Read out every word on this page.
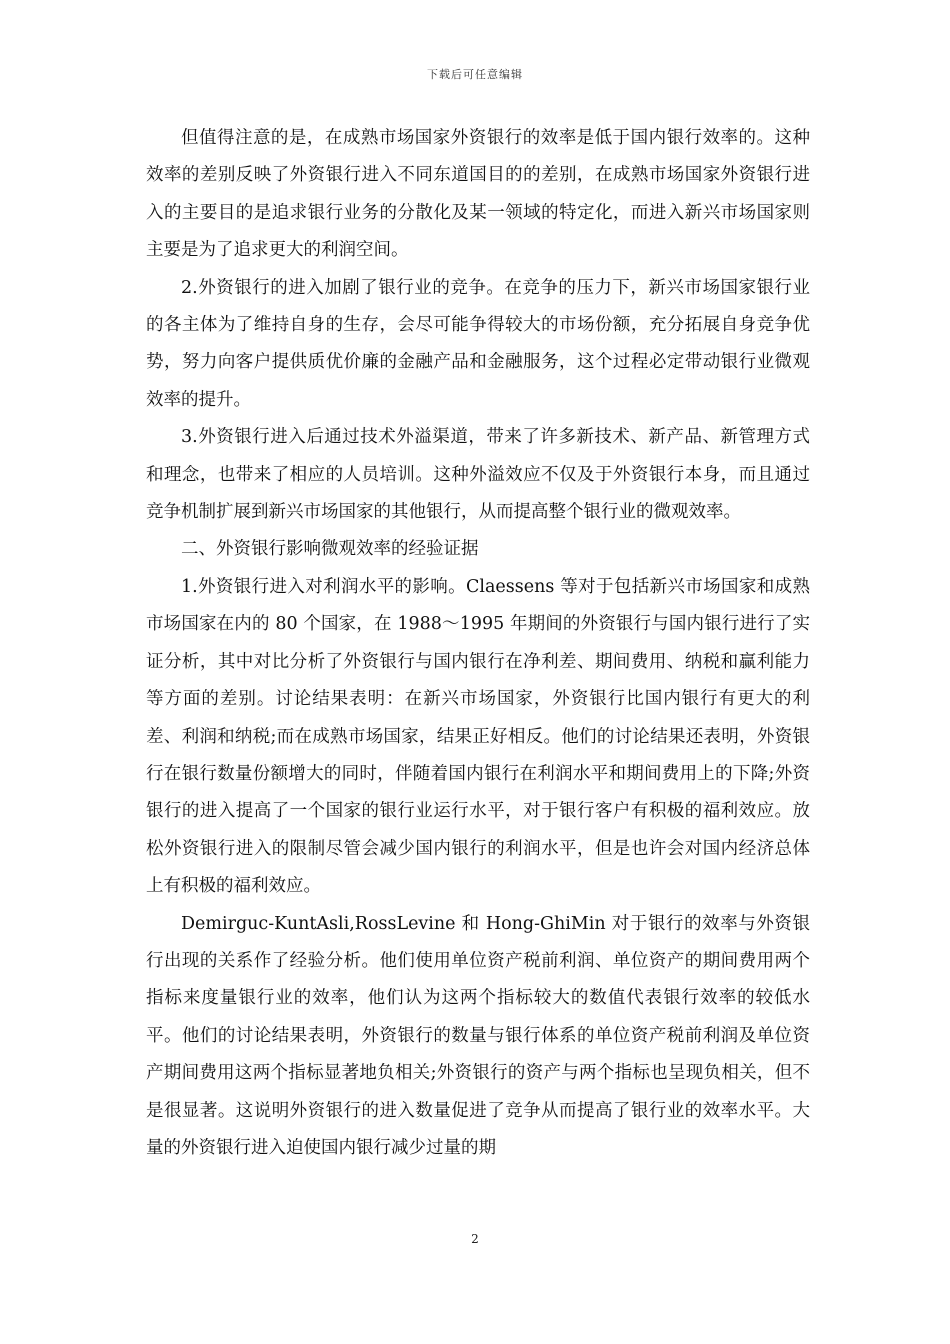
下载后可任意编辑

但值得注意的是，在成熟市场国家外资银行的效率是低于国内银行效率的。这种效率的差别反映了外资银行进入不同东道国目的的差别，在成熟市场国家外资银行进入的主要目的是追求银行业务的分散化及某一领域的特定化，而进入新兴市场国家则主要是为了追求更大的利润空间。

2.外资银行的进入加剧了银行业的竞争。在竞争的压力下，新兴市场国家银行业的各主体为了维持自身的生存，会尽可能争得较大的市场份额，充分拓展自身竞争优势，努力向客户提供质优价廉的金融产品和金融服务，这个过程必定带动银行业微观效率的提升。

3.外资银行进入后通过技术外溢渠道，带来了许多新技术、新产品、新管理方式和理念，也带来了相应的人员培训。这种外溢效应不仅及于外资银行本身，而且通过竞争机制扩展到新兴市场国家的其他银行，从而提高整个银行业的微观效率。

二、外资银行影响微观效率的经验证据

1.外资银行进入对利润水平的影响。Claessens 等对于包括新兴市场国家和成熟市场国家在内的 80 个国家，在 1988～1995 年期间的外资银行与国内银行进行了实证分析，其中对比分析了外资银行与国内银行在净利差、期间费用、纳税和赢利能力等方面的差别。讨论结果表明：在新兴市场国家，外资银行比国内银行有更大的利差、利润和纳税;而在成熟市场国家，结果正好相反。他们的讨论结果还表明，外资银行在银行数量份额增大的同时，伴随着国内银行在利润水平和期间费用上的下降;外资银行的进入提高了一个国家的银行业运行水平，对于银行客户有积极的福利效应。放松外资银行进入的限制尽管会减少国内银行的利润水平，但是也许会对国内经济总体上有积极的福利效应。

Demirguc-KuntAsli,RossLevine 和 Hong-GhiMin 对于银行的效率与外资银行出现的关系作了经验分析。他们使用单位资产税前利润、单位资产的期间费用两个指标来度量银行业的效率，他们认为这两个指标较大的数值代表银行效率的较低水平。他们的讨论结果表明，外资银行的数量与银行体系的单位资产税前利润及单位资产期间费用这两个指标显著地负相关;外资银行的资产与两个指标也呈现负相关，但不是很显著。这说明外资银行的进入数量促进了竞争从而提高了银行业的效率水平。大量的外资银行进入迫使国内银行减少过量的期

2
